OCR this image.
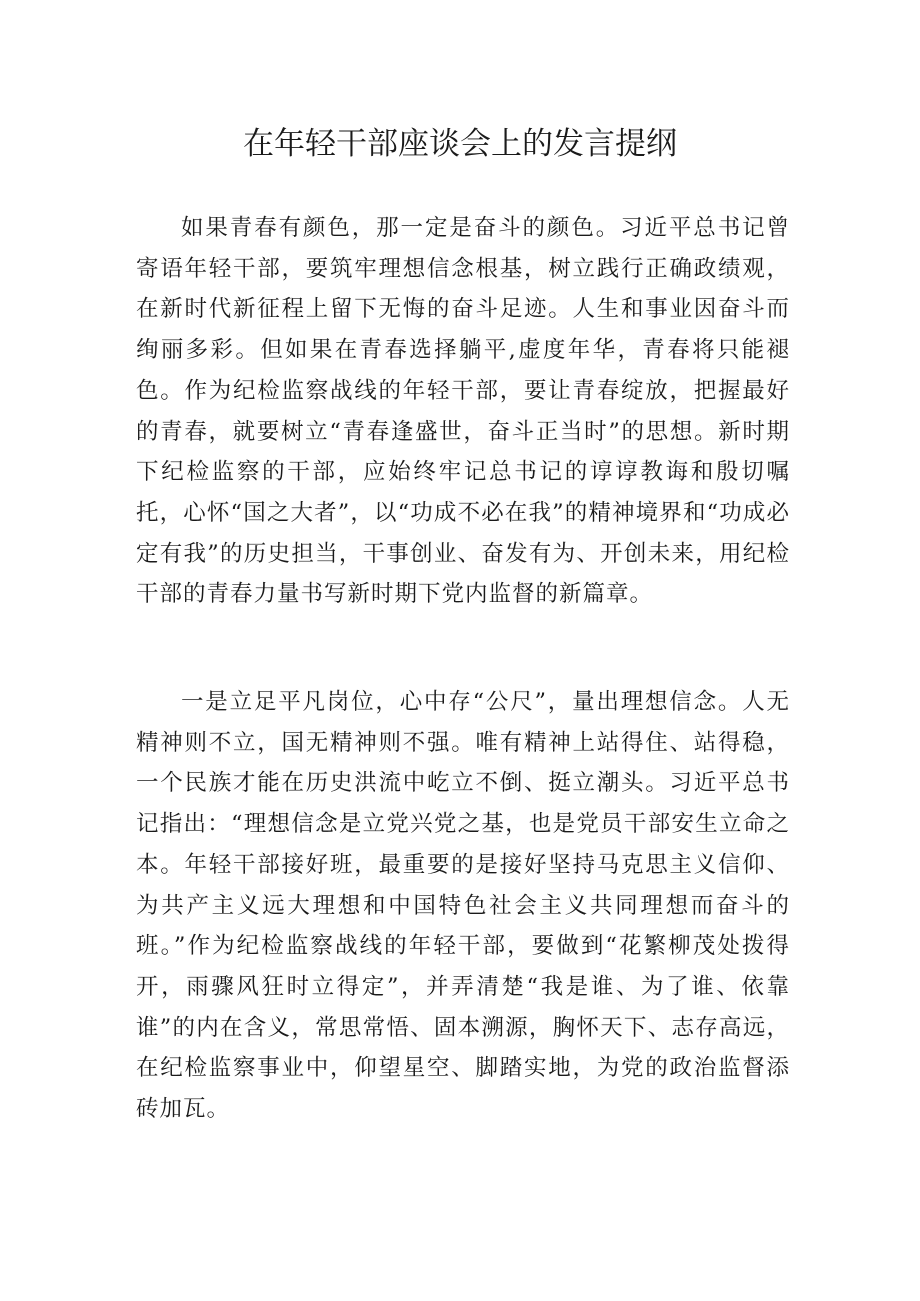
在年轻干部座谈会上的发言提纲

如果青春有颜色，那一定是奋斗的颜色。习近平总书记曾寄语年轻干部，要筑牢理想信念根基，树立践行正确政绩观，在新时代新征程上留下无悔的奋斗足迹。人生和事业因奋斗而绚丽多彩。但如果在青春选择躺平,虚度年华，青春将只能褪色。作为纪检监察战线的年轻干部，要让青春绽放，把握最好的青春，就要树立“青春逢盛世，奋斗正当时”的思想。新时期下纪检监察的干部，应始终牢记总书记的谆谆教诲和殷切嘱托，心怀“国之大者”，以“功成不必在我”的精神境界和“功成必定有我”的历史担当，干事创业、奋发有为、开创未来，用纪检干部的青春力量书写新时期下党内监督的新篇章。

一是立足平凡岗位，心中存“公尺”，量出理想信念。人无精神则不立，国无精神则不强。唯有精神上站得住、站得稳，一个民族才能在历史洪流中屹立不倒、挺立潮头。习近平总书记指出：“理想信念是立党兴党之基，也是党员干部安生立命之本。年轻干部接好班，最重要的是接好坚持马克思主义信仰、为共产主义远大理想和中国特色社会主义共同理想而奋斗的班。”作为纪检监察战线的年轻干部，要做到“花繁柳茂处拨得开，雨骤风狂时立得定”，并弄清楚“我是谁、为了谁、依靠谁”的内在含义，常思常悟、固本溯源，胸怀天下、志存高远，在纪检监察事业中，仰望星空、脚踏实地，为党的政治监督添砖加瓦。
